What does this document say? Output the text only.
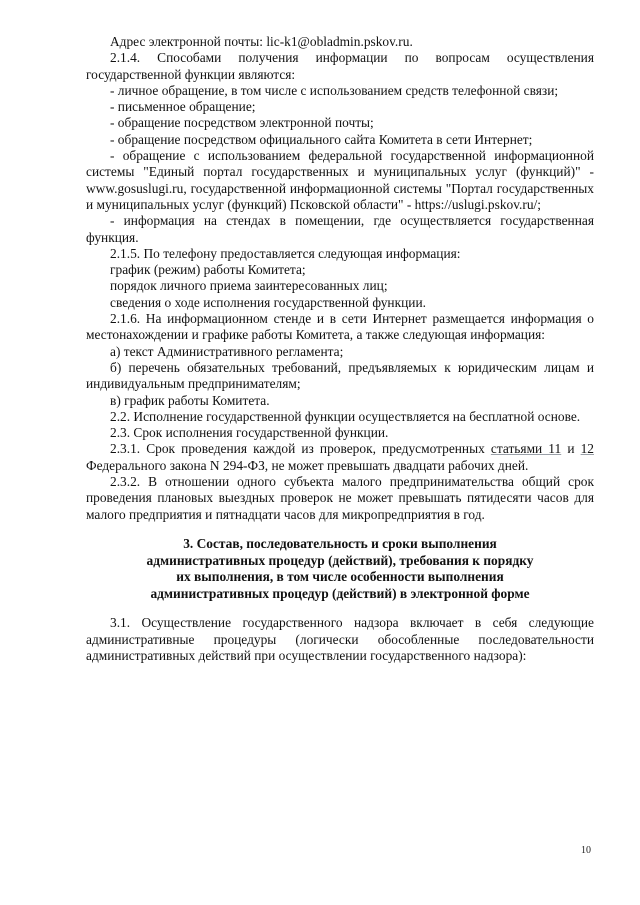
Адрес электронной почты: lic-k1@obladmin.pskov.ru.

2.1.4. Способами получения информации по вопросам осуществления государственной функции являются:

- личное обращение, в том числе с использованием средств телефонной связи;

- письменное обращение;

- обращение посредством электронной почты;

- обращение посредством официального сайта Комитета в сети Интернет;

- обращение с использованием федеральной государственной информационной системы "Единый портал государственных и муниципальных услуг (функций)" - www.gosuslugi.ru, государственной информационной системы "Портал государственных и муниципальных услуг (функций) Псковской области" - https://uslugi.pskov.ru/;

- информация на стендах в помещении, где осуществляется государственная функция.

2.1.5. По телефону предоставляется следующая информация:

график (режим) работы Комитета;

порядок личного приема заинтересованных лиц;

сведения о ходе исполнения государственной функции.

2.1.6. На информационном стенде и в сети Интернет размещается информация о местонахождении и графике работы Комитета, а также следующая информация:

а) текст Административного регламента;

б) перечень обязательных требований, предъявляемых к юридическим лицам и индивидуальным предпринимателям;

в) график работы Комитета.

2.2. Исполнение государственной функции осуществляется на бесплатной основе.

2.3. Срок исполнения государственной функции.

2.3.1. Срок проведения каждой из проверок, предусмотренных статьями 11 и 12 Федерального закона N 294-ФЗ, не может превышать двадцати рабочих дней.

2.3.2. В отношении одного субъекта малого предпринимательства общий срок проведения плановых выездных проверок не может превышать пятидесяти часов для малого предприятия и пятнадцати часов для микропредприятия в год.

3. Состав, последовательность и сроки выполнения
административных процедур (действий), требования к порядку
их выполнения, в том числе особенности выполнения
административных процедур (действий) в электронной форме

3.1. Осуществление государственного надзора включает в себя следующие административные процедуры (логически обособленные последовательности административных действий при осуществлении государственного надзора):

10
